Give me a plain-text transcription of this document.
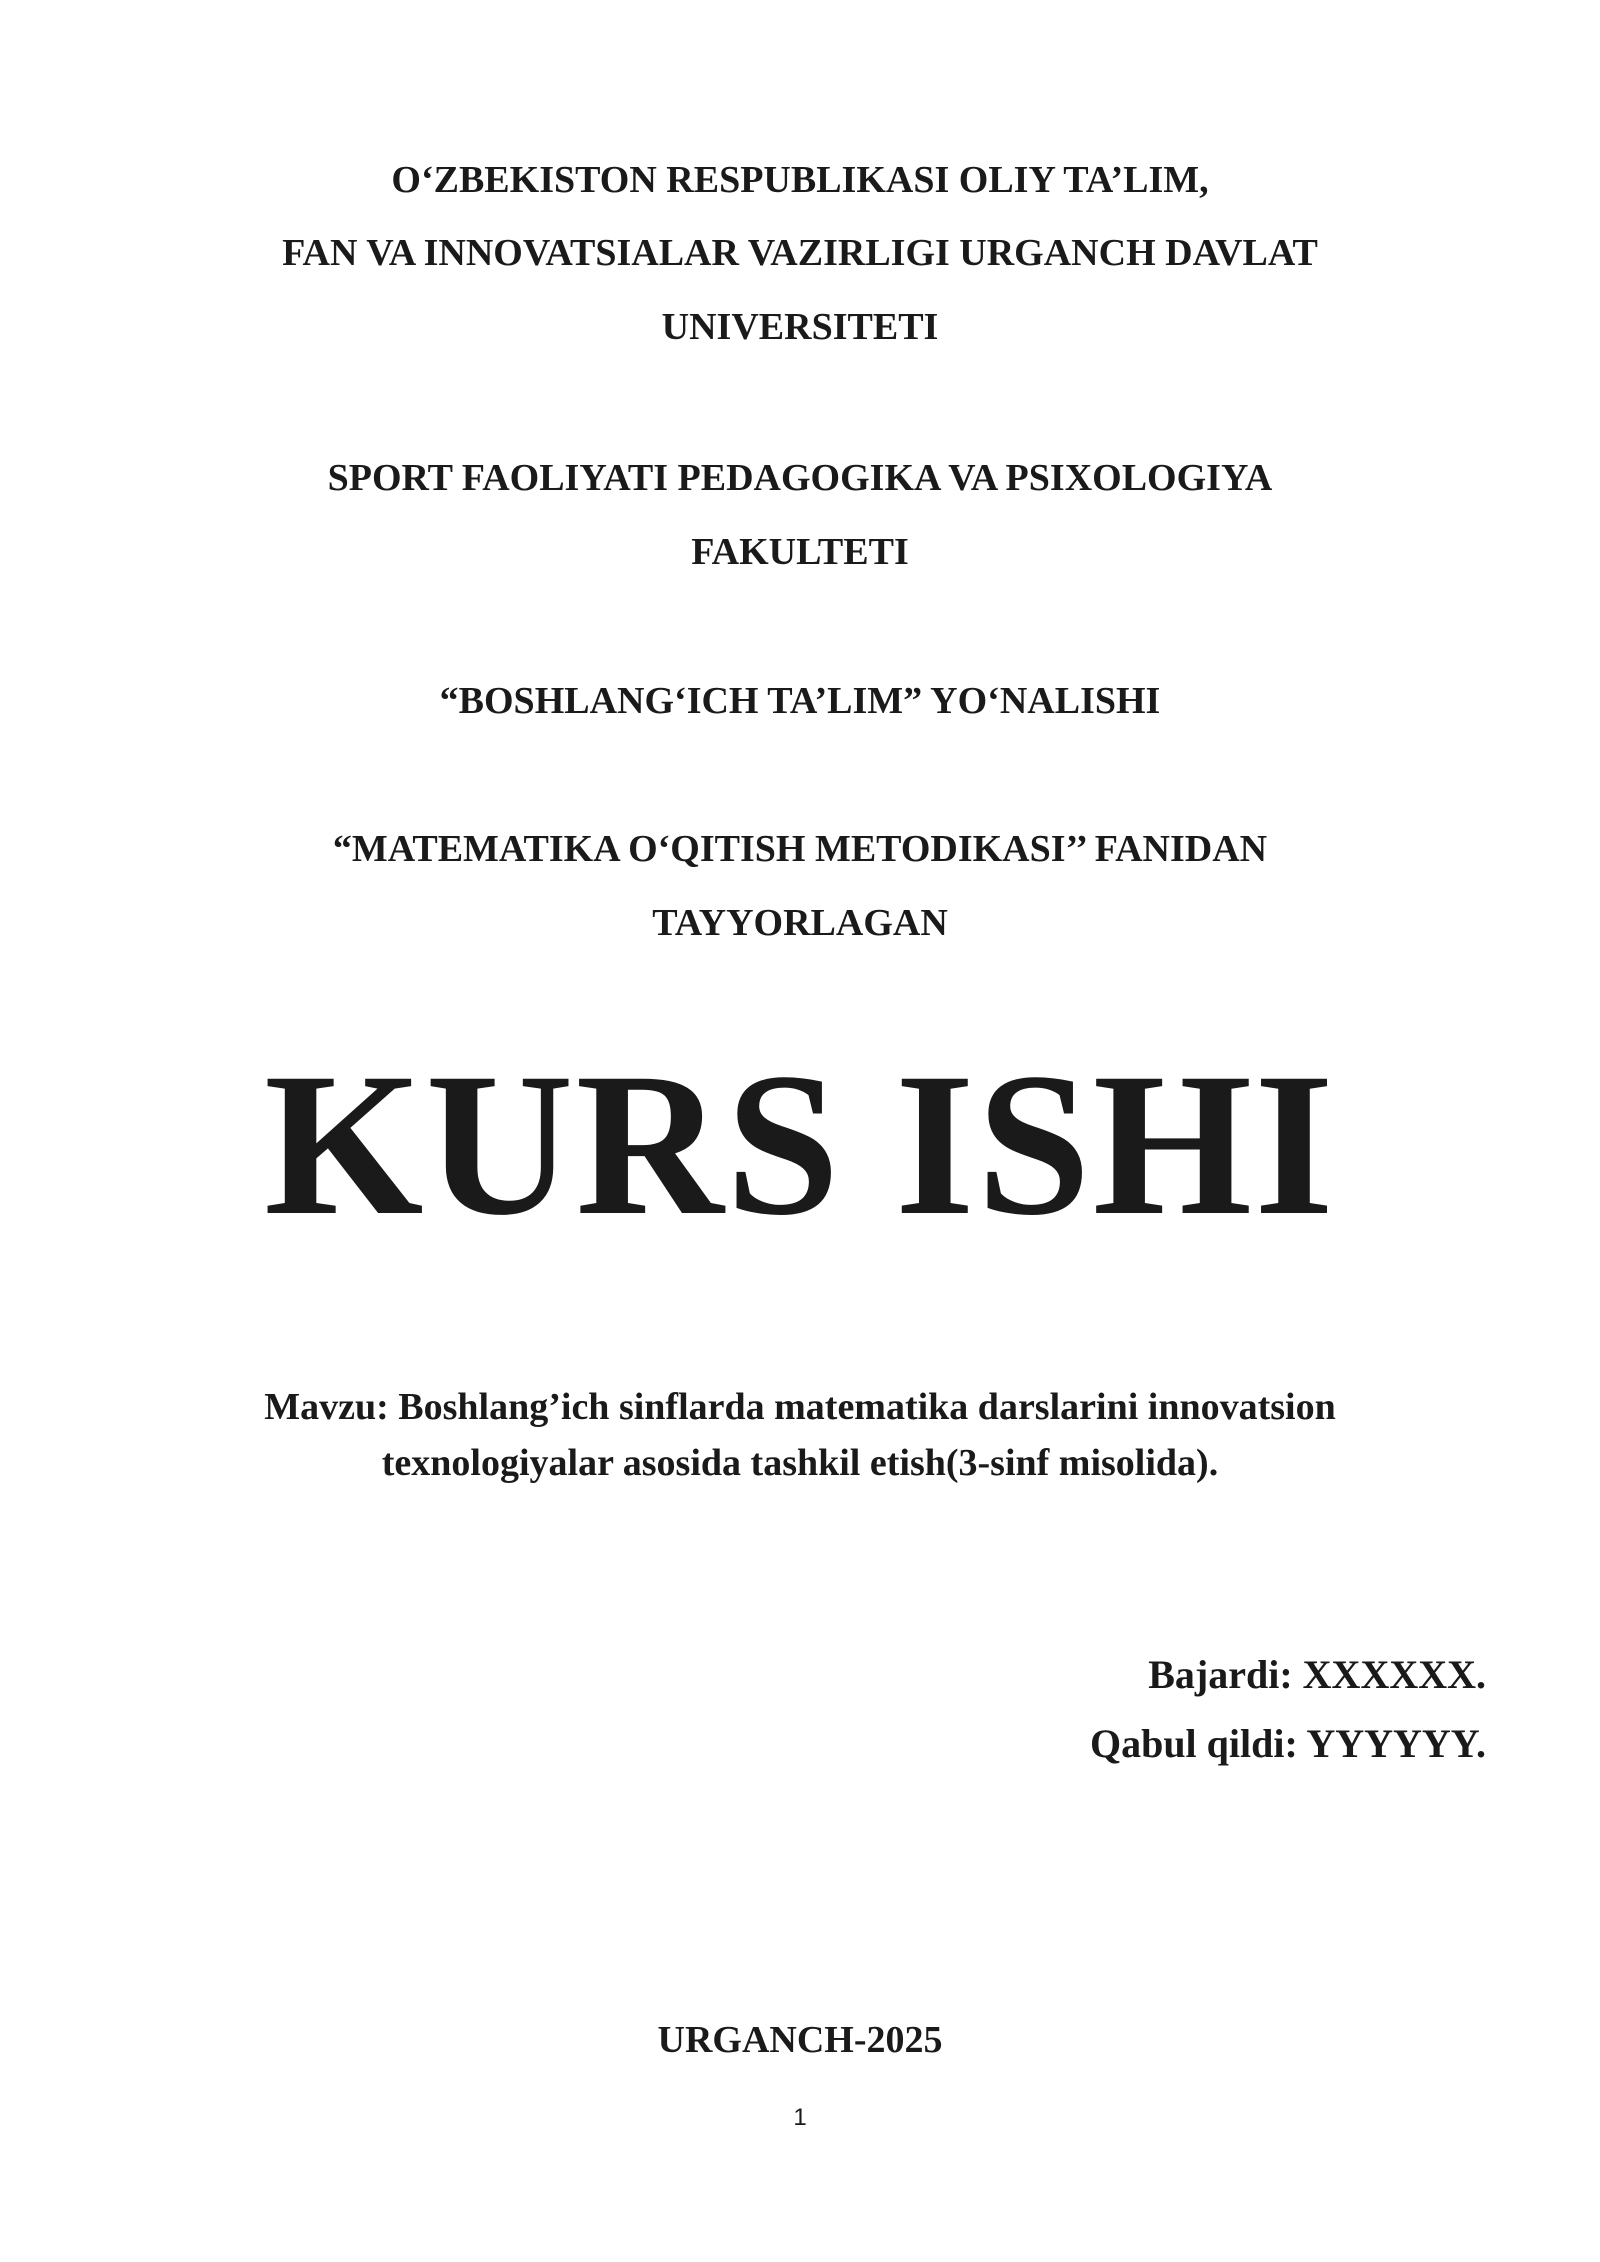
O‘ZBEKISTON RESPUBLIKASI OLIY TA’LIM,
FAN VA INNOVATSIALAR VAZIRLIGI URGANCH DAVLAT
UNIVERSITETI
SPORT FAOLIYATI PEDAGOGIKA VA PSIXOLOGIYA
FAKULTETI
“BOSHLANG‘ICH TA’LIM” YO‘NALISHI
“MATEMATIKA O‘QITISH METODIKASI’’ FANIDAN
TAYYORLAGAN
KURS ISHI
Mavzu: Boshlang’ich sinflarda matematika darslarini innovatsion
texnologiyalar asosida tashkil etish(3-sinf misolida).
Bajardi: XXXXXX.
Qabul qildi: YYYYYY.
URGANCH-2025
1
